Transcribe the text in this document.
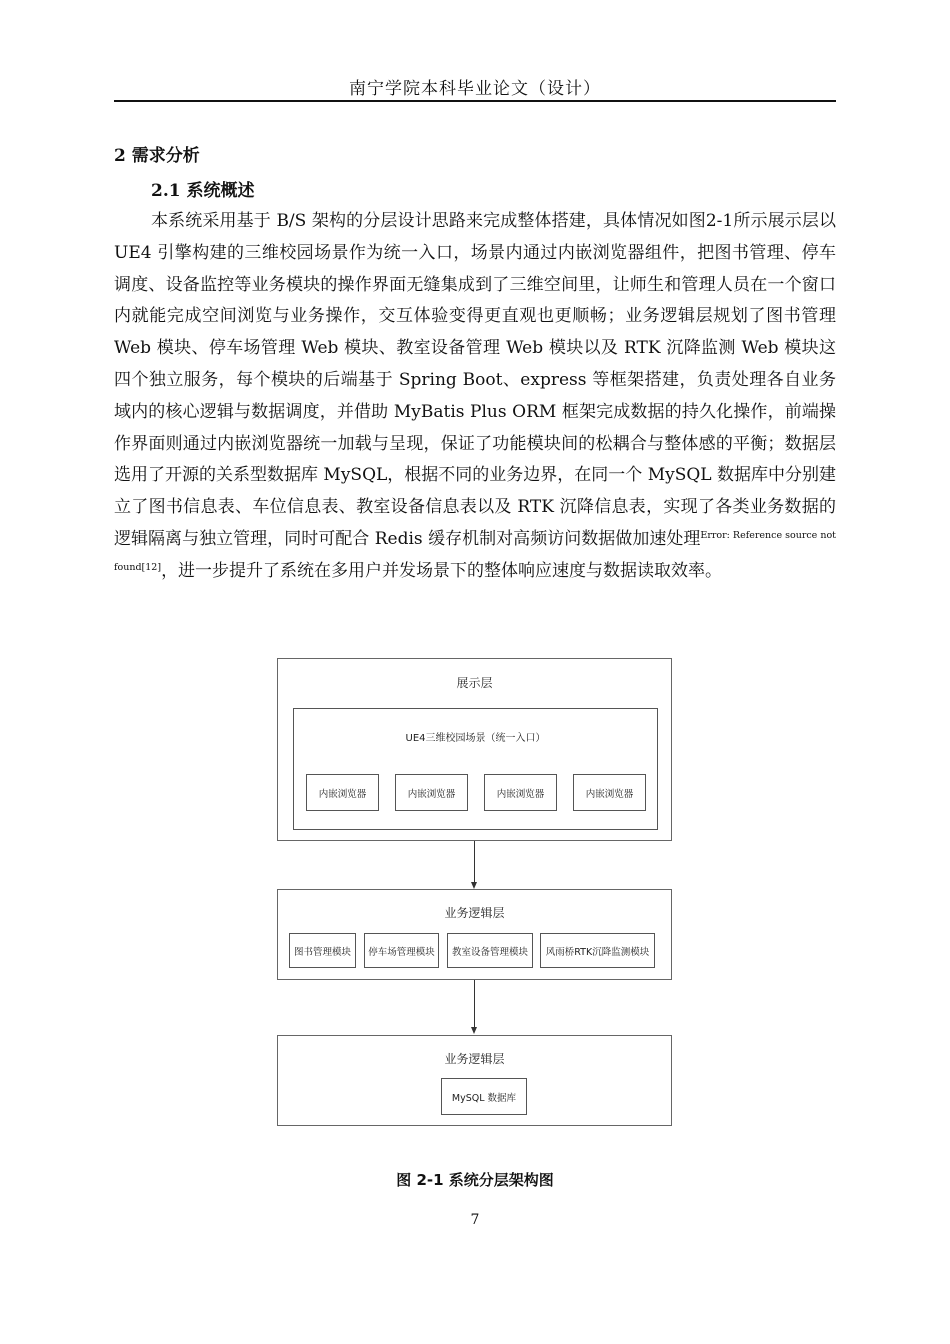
南宁学院本科毕业论文（设计）
2 需求分析
2.1 系统概述

本系统采用基于 B/S 架构的分层设计思路来完成整体搭建，具体情况如图2-1所示展示层以 UE4 引擎构建的三维校园场景作为统一入口，场景内通过内嵌浏览器组件，把图书管理、停车调度、设备监控等业务模块的操作界面无缝集成到了三维空间里，让师生和管理人员在一个窗口内就能完成空间浏览与业务操作，交互体验变得更直观也更顺畅；业务逻辑层规划了图书管理 Web 模块、停车场管理 Web 模块、教室设备管理 Web 模块以及 RTK 沉降监测 Web 模块这四个独立服务，每个模块的后端基于 Spring Boot、express 等框架搭建，负责处理各自业务域内的核心逻辑与数据调度，并借助 MyBatis Plus ORM 框架完成数据的持久化操作，前端操作界面则通过内嵌浏览器统一加载与呈现，保证了功能模块间的松耦合与整体感的平衡；数据层选用了开源的关系型数据库 MySQL，根据不同的业务边界，在同一个 MySQL 数据库中分别建立了图书信息表、车位信息表、教室设备信息表以及 RTK 沉降信息表，实现了各类业务数据的逻辑隔离与独立管理，同时可配合 Redis 缓存机制对高频访问数据做加速处理$^{Error: Reference source not found[12]}$，进一步提升了系统在多用户并发场景下的整体响应速度与数据读取效率。

展示层
UE4三维校园场景（统一入口）
内嵌浏览器	内嵌浏览器	内嵌浏览器	内嵌浏览器
业务逻辑层
图书管理模块	停车场管理模块	教室设备管理模块	风雨桥RTK沉降监测模块
业务逻辑层
MySQL 数据库
图 2-1 系统分层架构图
7
